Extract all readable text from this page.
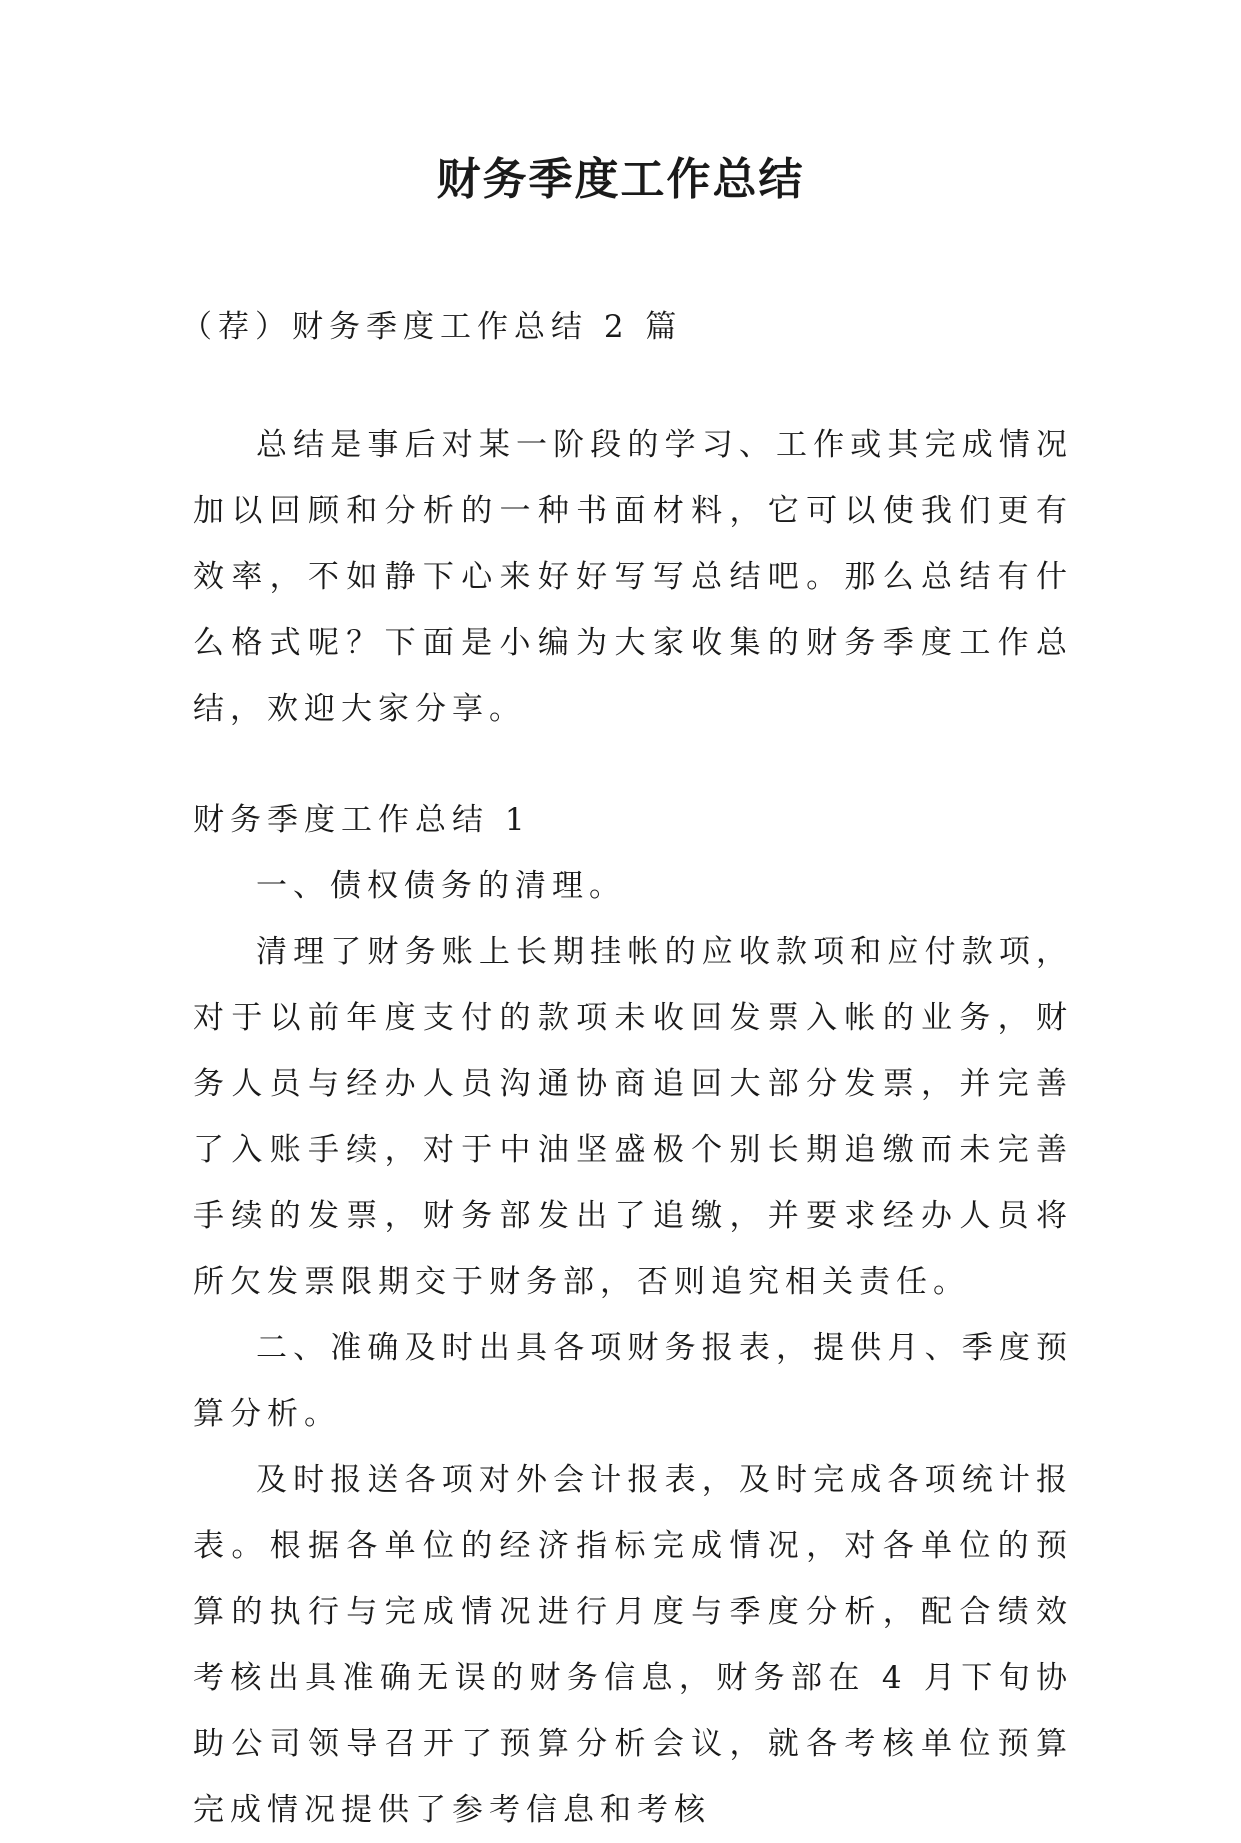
财务季度工作总结

（荐）财务季度工作总结 2 篇

总结是事后对某一阶段的学习、工作或其完成情况加以回顾和分析的一种书面材料，它可以使我们更有效率，不如静下心来好好写写总结吧。那么总结有什么格式呢？下面是小编为大家收集的财务季度工作总结，欢迎大家分享。

财务季度工作总结 1

一、债权债务的清理。

清理了财务账上长期挂帐的应收款项和应付款项，对于以前年度支付的款项未收回发票入帐的业务，财务人员与经办人员沟通协商追回大部分发票，并完善了入账手续，对于中油坚盛极个别长期追缴而未完善手续的发票，财务部发出了追缴，并要求经办人员将所欠发票限期交于财务部，否则追究相关责任。

二、准确及时出具各项财务报表，提供月、季度预算分析。

及时报送各项对外会计报表，及时完成各项统计报表。根据各单位的经济指标完成情况，对各单位的预算的执行与完成情况进行月度与季度分析，配合绩效考核出具准确无误的财务信息，财务部在 4 月下旬协助公司领导召开了预算分析会议，就各考核单位预算完成情况提供了参考信息和考核
